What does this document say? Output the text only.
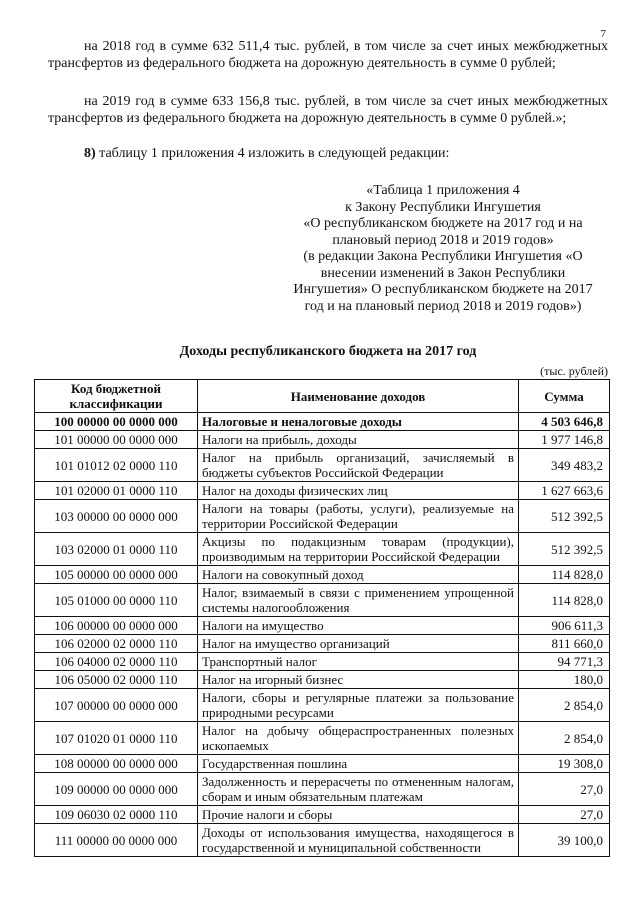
7
на 2018 год в сумме 632 511,4 тыс. рублей, в том числе за счет иных межбюджетных трансфертов из федерального бюджета на дорожную деятельность в сумме 0 рублей;
на 2019 год в сумме 633 156,8 тыс. рублей, в том числе за счет иных межбюджетных трансфертов из федерального бюджета на дорожную деятельность в сумме 0 рублей.»;
8) таблицу 1 приложения 4 изложить в следующей редакции:
«Таблица 1 приложения 4
к Закону Республики Ингушетия
«О республиканском бюджете на 2017 год и на
плановый период 2018 и 2019 годов»
(в редакции Закона Республики Ингушетия «О
внесении изменений в Закон Республики
Ингушетия» О республиканском бюджете на 2017
год и на плановый период 2018 и 2019 годов»)
Доходы республиканского бюджета на 2017 год
(тыс. рублей)
Код бюджетной классификации	Наименование доходов	Сумма
100 00000 00 0000 000	Налоговые и неналоговые доходы	4 503 646,8
101 00000 00 0000 000	Налоги на прибыль, доходы	1 977 146,8
101 01012 02 0000 110	Налог на прибыль организаций, зачисляемый в бюджеты субъектов Российской Федерации	349 483,2
101 02000 01 0000 110	Налог на доходы физических лиц	1 627 663,6
103 00000 00 0000 000	Налоги на товары (работы, услуги), реализуемые на территории Российской Федерации	512 392,5
103 02000 01 0000 110	Акцизы по подакцизным товарам (продукции), производимым на территории Российской Федерации	512 392,5
105 00000 00 0000 000	Налоги на совокупный доход	114 828,0
105 01000 00 0000 110	Налог, взимаемый в связи с применением упрощенной системы налогообложения	114 828,0
106 00000 00 0000 000	Налоги на имущество	906 611,3
106 02000 02 0000 110	Налог на имущество организаций	811 660,0
106 04000 02 0000 110	Транспортный налог	94 771,3
106 05000 02 0000 110	Налог на игорный бизнес	180,0
107 00000 00 0000 000	Налоги, сборы и регулярные платежи за пользование природными ресурсами	2 854,0
107 01020 01 0000 110	Налог на добычу общераспространенных полезных ископаемых	2 854,0
108 00000 00 0000 000	Государственная пошлина	19 308,0
109 00000 00 0000 000	Задолженность и перерасчеты по отмененным налогам, сборам и иным обязательным платежам	27,0
109 06030 02 0000 110	Прочие налоги и сборы	27,0
111 00000 00 0000 000	Доходы от использования имущества, находящегося в государственной и муниципальной собственности	39 100,0
